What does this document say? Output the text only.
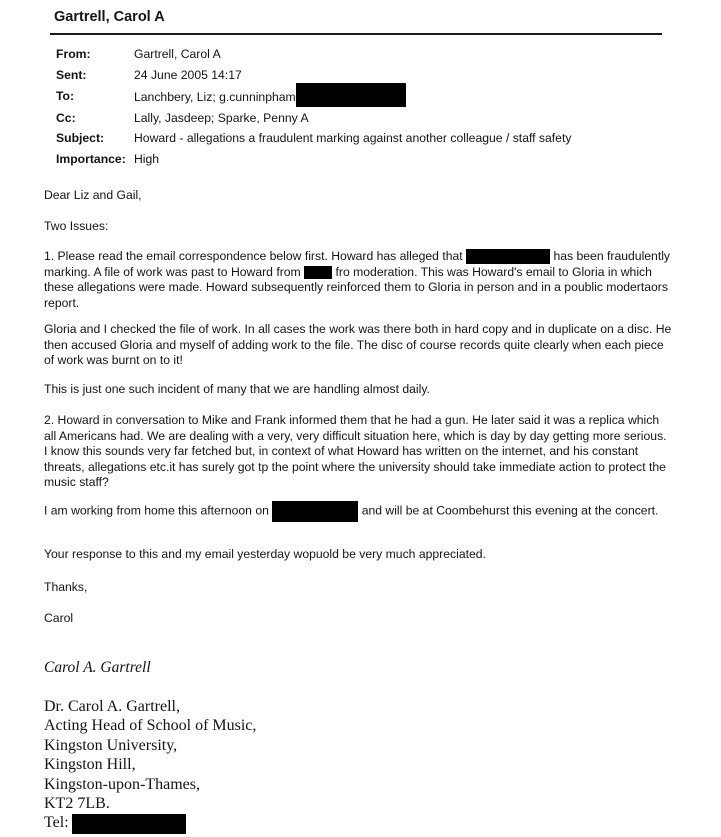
Gartrell, Carol A
From:	Gartrell, Carol A
Sent:	24 June 2005 14:17
To:	Lanchbery, Liz; g.cunninpham
Cc:	Lally, Jasdeep; Sparke, Penny A
Subject: Howard - allegations a fraudulent marking against another colleague / staff safety
Importance: High
Dear Liz and Gail,
Two Issues:
1. Please read the email correspondence below first. Howard has alleged that	has been fraudulently marking. A file of work was past to Howard from	fro moderation. This was Howard's email to Gloria in which these allegations were made. Howard subsequently reinforced them to Gloria in person and in a poublic modertaors report.
Gloria and I checked the file of work. In all cases the work was there both in hard copy and in duplicate on a disc. He then accused Gloria and myself of adding work to the file. The disc of course records quite clearly when each piece of work was burnt on to it!
This is just one such incident of many that we are handling almost daily.
2. Howard in conversation to Mike and Frank informed them that he had a gun. He later said it was a replica which all Americans had. We are dealing with a very, very difficult situation here, which is day by day getting more serious. I know this sounds very far fetched but, in context of what Howard has written on the internet, and his constant threats, allegations etc.it has surely got tp the point where the university should take immediate action to protect the music staff?
I am working from home this afternoon on	and will be at Coombehurst this evening at the concert.
Your response to this and my email yesterday wopuold be very much appreciated.
Thanks,
Carol
Carol A. Gartrell
Dr. Carol A. Gartrell,
Acting Head of School of Music,
Kingston University,
Kingston Hill,
Kingston-upon-Thames,
KT2 7LB.
Tel:
